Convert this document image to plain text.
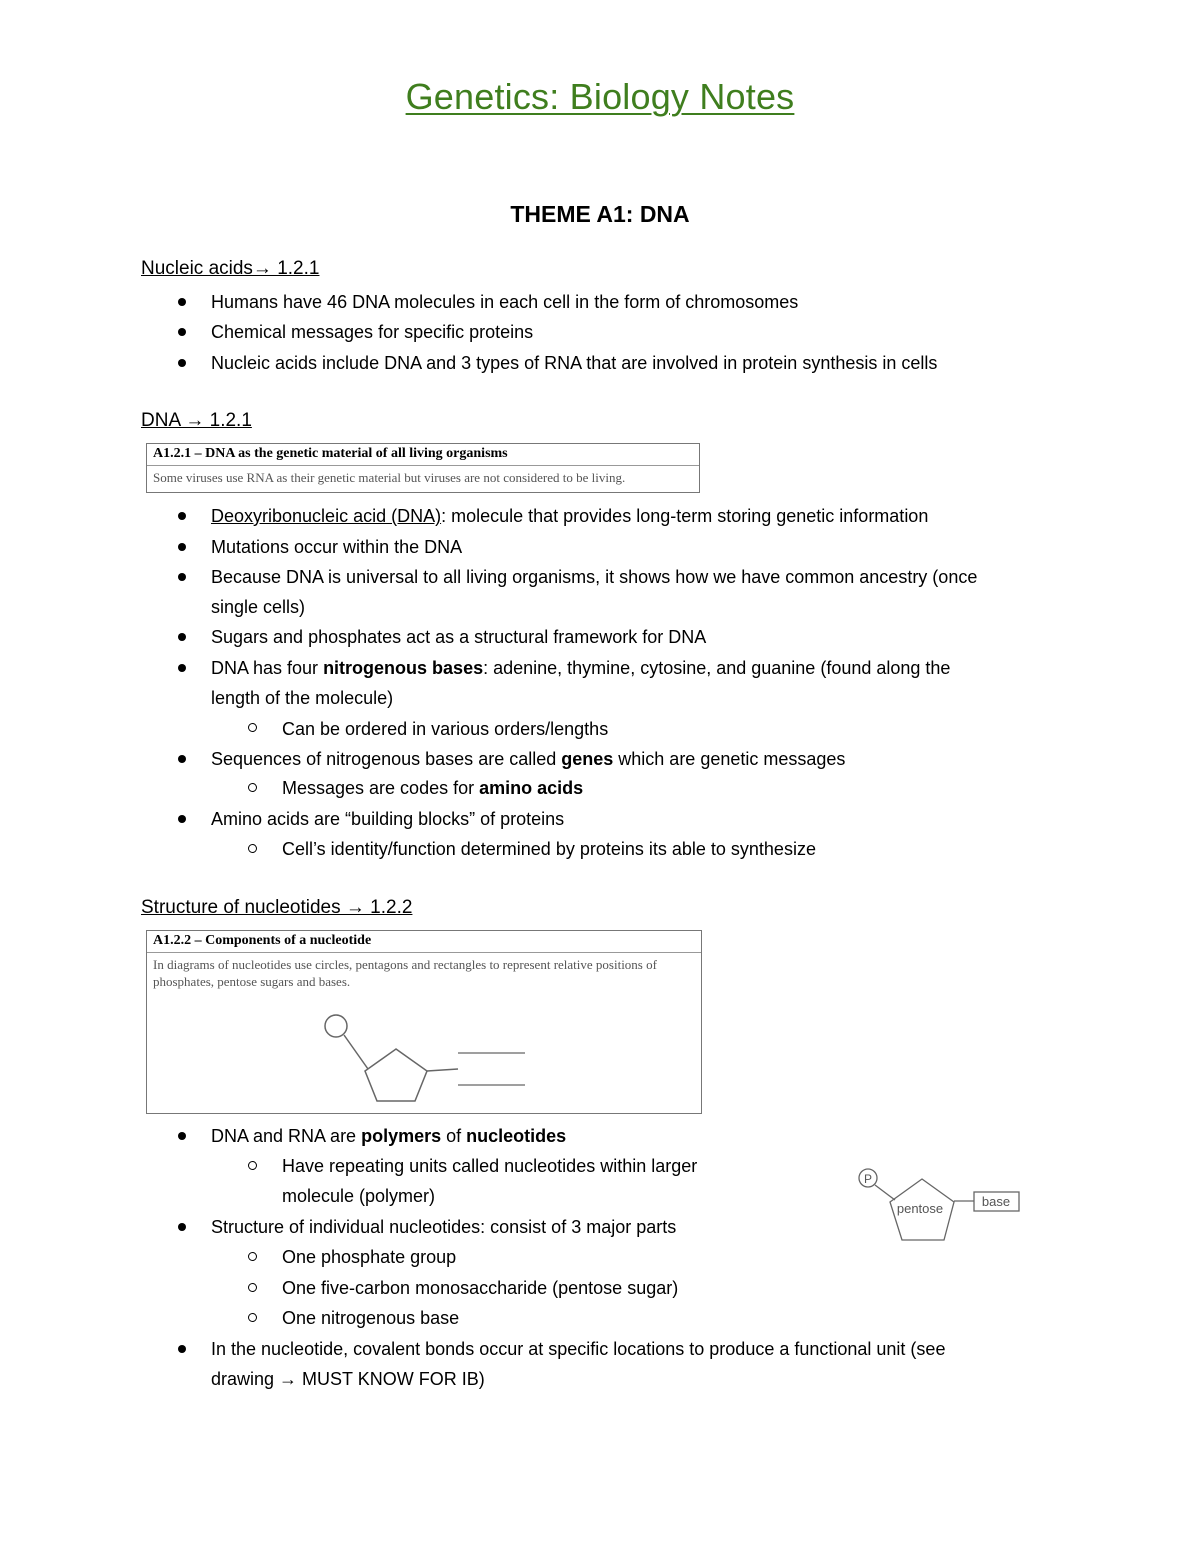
Genetics: Biology Notes
THEME A1: DNA
Nucleic acids→ 1.2.1
Humans have 46 DNA molecules in each cell in the form of chromosomes
Chemical messages for specific proteins
Nucleic acids include DNA and 3 types of RNA that are involved in protein synthesis in cells
DNA → 1.2.1
A1.2.1 – DNA as the genetic material of all living organisms
Some viruses use RNA as their genetic material but viruses are not considered to be living.
Deoxyribonucleic acid (DNA): molecule that provides long-term storing genetic information
Mutations occur within the DNA
Because DNA is universal to all living organisms, it shows how we have common ancestry (once
single cells)
Sugars and phosphates act as a structural framework for DNA
DNA has four nitrogenous bases: adenine, thymine, cytosine, and guanine (found along the
length of the molecule)
Can be ordered in various orders/lengths
Sequences of nitrogenous bases are called genes which are genetic messages
Messages are codes for amino acids
Amino acids are “building blocks” of proteins
Cell’s identity/function determined by proteins its able to synthesize
Structure of nucleotides → 1.2.2
A1.2.2 – Components of a nucleotide
In diagrams of nucleotides use circles, pentagons and rectangles to represent relative positions of phosphates, pentose sugars and bases.
DNA and RNA are polymers of nucleotides
Have repeating units called nucleotides within larger
molecule (polymer)
Structure of individual nucleotides: consist of 3 major parts
One phosphate group
One five-carbon monosaccharide (pentose sugar)
One nitrogenous base
In the nucleotide, covalent bonds occur at specific locations to produce a functional unit (see
drawing → MUST KNOW FOR IB)
P
pentose	base
